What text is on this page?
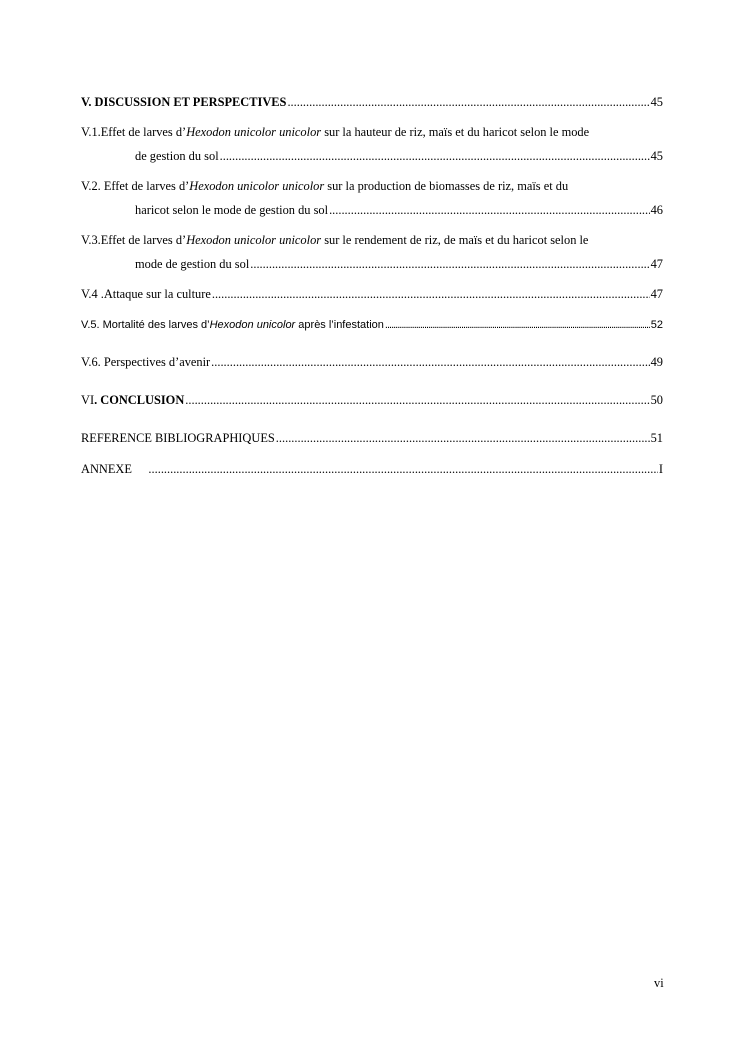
V. DISCUSSION ET PERSPECTIVES .....	45
V.1.Effet de larves d’Hexodon unicolor unicolor sur la hauteur de riz, maïs et du haricot selon le mode
de gestion du sol .....	45
V.2. Effet de larves d’Hexodon unicolor unicolor sur la production de biomasses de riz, maïs et du
haricot selon le mode de gestion du sol .....	46
V.3.Effet de larves d’Hexodon unicolor unicolor sur le rendement de riz, de maïs et du haricot selon le
mode de gestion du sol .....	47
V.4 .Attaque sur la culture .....	47
V.5. Mortalité des larves d’Hexodon unicolor après l’infestation .....	52
V.6. Perspectives d’avenir .....	49
VI. CONCLUSION .....	50
REFERENCE BIBLIOGRAPHIQUES .....	51
ANNEXE .....	I
vi
